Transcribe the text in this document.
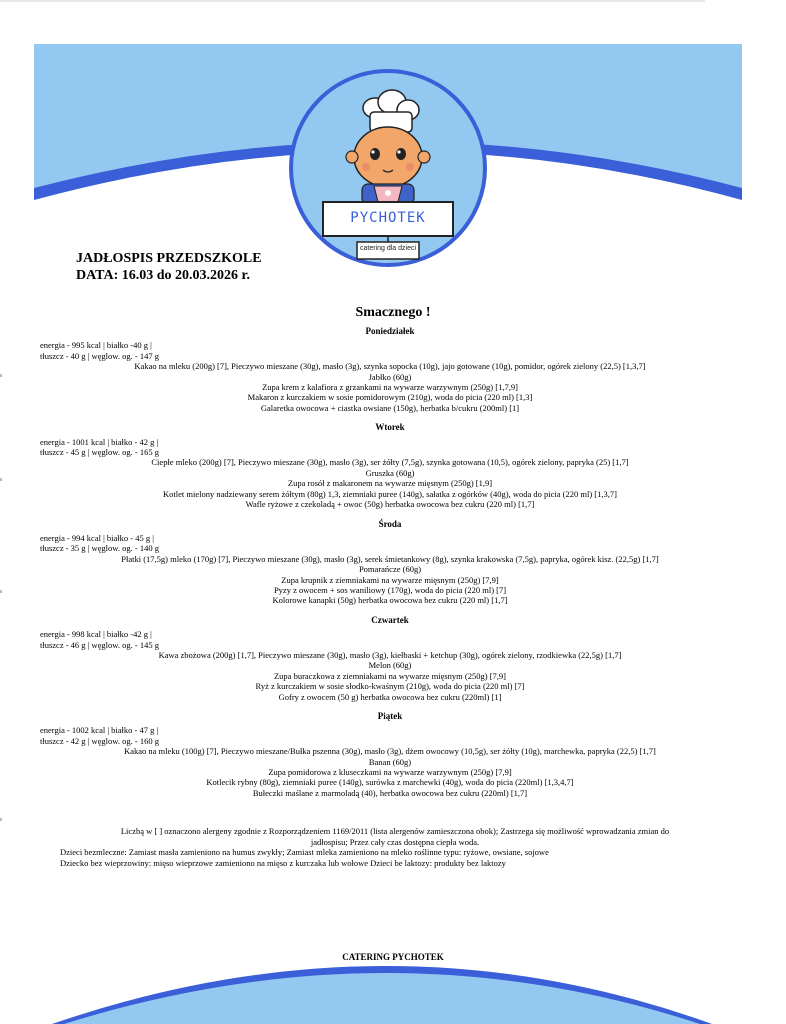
PYCHOTEK
catering dla dzieci
JADŁOSPIS PRZEDSZKOLE
DATA: 16.03 do 20.03.2026 r.
Smacznego !
Poniedziałek
energia - 995 kcal | białko -40 g |
tłuszcz - 40 g | węglow. og. - 147 g
Kakao na mleku (200g) [7], Pieczywo mieszane (30g), masło (3g), szynka sopocka (10g), jajo gotowane (10g), pomidor, ogórek zielony (22,5) [1,3,7]
Jabłko (60g)
Zupa krem z kalafiora z grzankami na wywarze warzywnym (250g) [1,7,9]
Makaron z kurczakiem w sosie pomidorowym (210g), woda do picia (220 ml) [1,3]
Galaretka owocowa + ciastka owsiane (150g), herbatka b/cukru (200ml) [1]
Wtorek
energia - 1001 kcal | białko - 42 g |
tłuszcz - 45 g | węglow. og. - 165 g
Ciepłe mleko (200g) [7], Pieczywo mieszane (30g), masło (3g), ser żółty (7,5g), szynka gotowana (10,5), ogórek zielony, papryka (25) [1,7]
Gruszka (60g)
Zupa rosół z makaronem na wywarze mięsnym (250g) [1,9]
Kotlet mielony nadziewany serem żółtym (80g) 1,3, ziemniaki puree (140g), sałatka z ogórków (40g), woda do picia (220 ml) [1,3,7]
Wafle ryżowe z czekoladą + owoc (50g) herbatka owocowa bez cukru (220 ml) [1,7]
Środa
energia - 994 kcal | białko - 45 g |
tłuszcz - 35 g | węglow. og. - 140 g
Płatki (17,5g) mleko (170g) [7], Pieczywo mieszane (30g), masło (3g), serek śmietankowy (8g), szynka krakowska (7,5g), papryka, ogórek kisz. (22,5g) [1,7]
Pomarańcze (60g)
Zupa krupnik z ziemniakami na wywarze mięsnym (250g) [7,9]
Pyzy z owocem + sos waniliowy (170g), woda do picia (220 ml) [7]
Kolorowe kanapki (50g) herbatka owocowa bez cukru (220 ml) [1,7]
Czwartek
energia - 998 kcal | białko -42 g |
tłuszcz - 46 g | węglow. og. - 145 g
Kawa zbożowa (200g) [1,7], Pieczywo mieszane (30g), masło (3g), kiełbaski + ketchup (30g), ogórek zielony, rzodkiewka (22,5g) [1,7]
Melon (60g)
Zupa buraczkowa z ziemniakami na wywarze mięsnym (250g) [7,9]
Ryż z kurczakiem w sosie słodko-kwaśnym (210g), woda do picia (220 ml) [7]
Gofry z owocem (50 g) herbatka owocowa bez cukru (220ml) [1]
Piątek
energia - 1002 kcal | białko - 47 g |
tłuszcz - 42 g | węglow. og. - 160 g
Kakao na mleku (100g) [7], Pieczywo mieszane/Bułka pszenna (30g), masło (3g), dżem owocowy (10,5g), ser żółty (10g), marchewka, papryka (22,5) [1,7]
Banan (60g)
Zupa pomidorowa z kluseczkami na wywarze warzywnym (250g) [7,9]
Kotlecik rybny (80g), ziemniaki puree (140g), surówka z marchewki (40g), woda do picia (220ml) [1,3,4,7]
Bułeczki maślane z marmoladą (40), herbatka owocowa bez cukru (220ml) [1,7]
Liczbą w [ ] oznaczono alergeny zgodnie z Rozporządzeniem 1169/2011 (lista alergenów zamieszczona obok); Zastrzega się możliwość wprowadzania zmian do
jadłospisu; Przez cały czas dostępna ciepła woda.
Dzieci bezmleczne: Zamiast masła zamieniono na humus zwykły; Zamiast mleka zamieniono na mleko roślinne typu: ryżowe, owsiane, sojowe
Dziecko bez wieprzowiny: mięso wieprzowe zamieniono na mięso z kurczaka lub wołowe Dzieci be laktozy: produkty bez laktozy
CATERING PYCHOTEK
